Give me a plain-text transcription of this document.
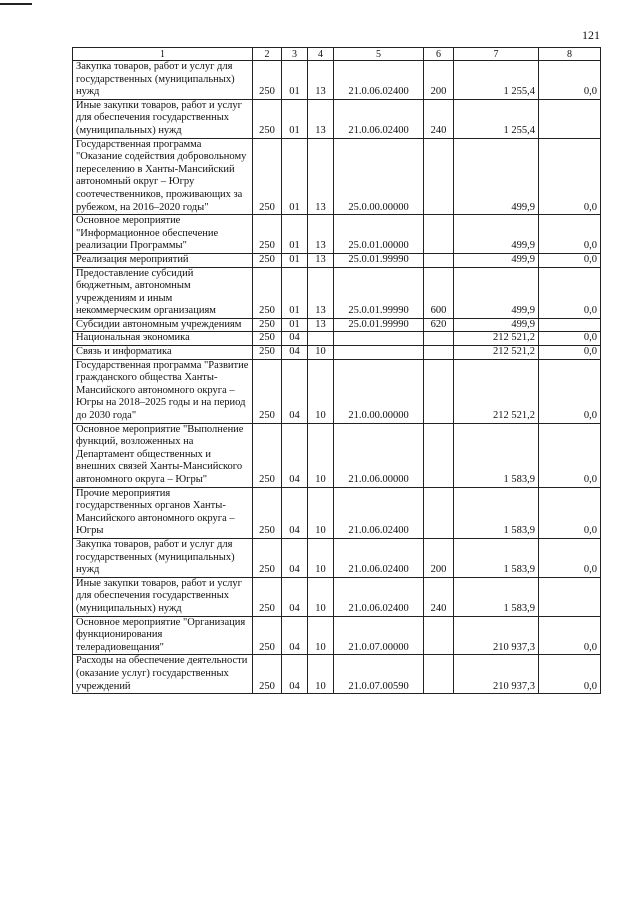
121
1	2	3	4	5	6	7	8
Закупка товаров, работ и услуг для государственных (муниципальных) нужд	250	01	13	21.0.06.02400	200	1 255,4	0,0
Иные закупки товаров, работ и услуг для обеспечения государственных (муниципальных) нужд	250	01	13	21.0.06.02400	240	1 255,4	
Государственная программа "Оказание содействия добровольному переселению в Ханты-Мансийский автономный округ – Югру соотечественников, проживающих за рубежом, на 2016–2020 годы"	250	01	13	25.0.00.00000		499,9	0,0
Основное мероприятие "Информационное обеспечение реализации Программы"	250	01	13	25.0.01.00000		499,9	0,0
Реализация мероприятий	250	01	13	25.0.01.99990		499,9	0,0
Предоставление субсидий бюджетным, автономным учреждениям и иным некоммерческим организациям	250	01	13	25.0.01.99990	600	499,9	0,0
Субсидии автономным учреждениям	250	01	13	25.0.01.99990	620	499,9	
Национальная экономика	250	04				212 521,2	0,0
Связь и информатика	250	04	10			212 521,2	0,0
Государственная программа "Развитие гражданского общества Ханты-Мансийского автономного округа – Югры на 2018–2025 годы и на период до 2030 года"	250	04	10	21.0.00.00000		212 521,2	0,0
Основное мероприятие "Выполнение функций, возложенных на Департамент общественных и внешних связей Ханты-Мансийского автономного округа – Югры"	250	04	10	21.0.06.00000		1 583,9	0,0
Прочие мероприятия государственных органов Ханты-Мансийского автономного округа – Югры	250	04	10	21.0.06.02400		1 583,9	0,0
Закупка товаров, работ и услуг для государственных (муниципальных) нужд	250	04	10	21.0.06.02400	200	1 583,9	0,0
Иные закупки товаров, работ и услуг для обеспечения государственных (муниципальных) нужд	250	04	10	21.0.06.02400	240	1 583,9	
Основное мероприятие "Организация функционирования телерадиовещания"	250	04	10	21.0.07.00000		210 937,3	0,0
Расходы на обеспечение деятельности (оказание услуг) государственных учреждений	250	04	10	21.0.07.00590		210 937,3	0,0
